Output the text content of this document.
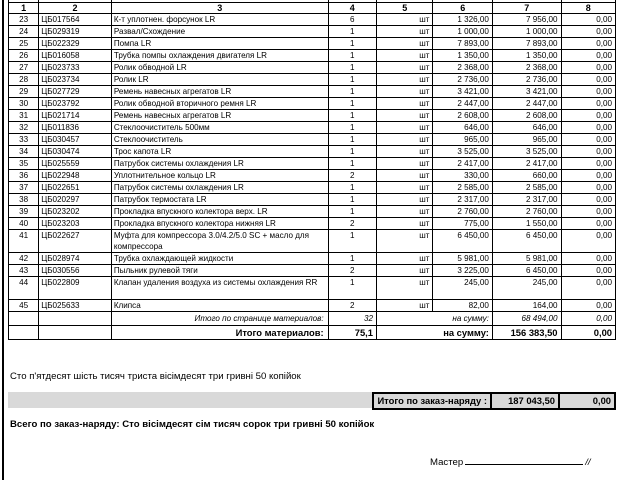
1	2	3	4	5	6	7	8
23	ЦБ017564	К-т уплотнен. форсунок LR	6	шт	1 326,00	7 956,00	0,00
24	ЦБ029319	Развал/Схождение	1	шт	1 000,00	1 000,00	0,00
25	ЦБ022329	Помпа LR	1	шт	7 893,00	7 893,00	0,00
26	ЦБ016058	Трубка помпы охлаждения двигателя LR	1	шт	1 350,00	1 350,00	0,00
27	ЦБ023733	Ролик обводной LR	1	шт	2 368,00	2 368,00	0,00
28	ЦБ023734	Ролик LR	1	шт	2 736,00	2 736,00	0,00
29	ЦБ027729	Ремень навесных агрегатов LR	1	шт	3 421,00	3 421,00	0,00
30	ЦБ023792	Ролик обводной вторичного ремня LR	1	шт	2 447,00	2 447,00	0,00
31	ЦБ021714	Ремень навесных агрегатов LR	1	шт	2 608,00	2 608,00	0,00
32	ЦБ011836	Стеклоочиститель 500мм	1	шт	646,00	646,00	0,00
33	ЦБ030457	Стеклоочиститель	1	шт	965,00	965,00	0,00
34	ЦБ030474	Трос капота LR	1	шт	3 525,00	3 525,00	0,00
35	ЦБ025559	Патрубок системы охлаждения LR	1	шт	2 417,00	2 417,00	0,00
36	ЦБ022948	Уплотнительное кольцо LR	2	шт	330,00	660,00	0,00
37	ЦБ022651	Патрубок системы охлаждения LR	1	шт	2 585,00	2 585,00	0,00
38	ЦБ020297	Патрубок термостата LR	1	шт	2 317,00	2 317,00	0,00
39	ЦБ023202	Прокладка впускного колектора верх. LR	1	шт	2 760,00	2 760,00	0,00
40	ЦБ023203	Прокладка впускного колектора нижняя LR	2	шт	775,00	1 550,00	0,00
41	ЦБ022627	Муфта для компрессора 3.0/4.2/5.0 SC + масло для компрессора	1	шт	6 450,00	6 450,00	0,00
42	ЦБ028974	Трубка охлаждающей жидкости	1	шт	5 981,00	5 981,00	0,00
43	ЦБ030556	Пыльник рулевой тяги	2	шт	3 225,00	6 450,00	0,00
44	ЦБ022809	Клапан удаления воздуха из системы охлаждения RR	1	шт	245,00	245,00	0,00
45	ЦБ025633	Клипса	2	шт	82,00	164,00	0,00
		Итого по странице материалов:	32	на сумму:		68 494,00	0,00
		Итого материалов:	75,1	на сумму:		156 383,50	0,00
Сто п'ятдесят шість тисяч триста вісімдесят три гривні 50 копійок
Итого по заказ-наряду :	187 043,50	0,00
Всего по заказ-наряду: Сто вісімдесят сім тисяч сорок три гривні 50 копійок
Мастер	//
